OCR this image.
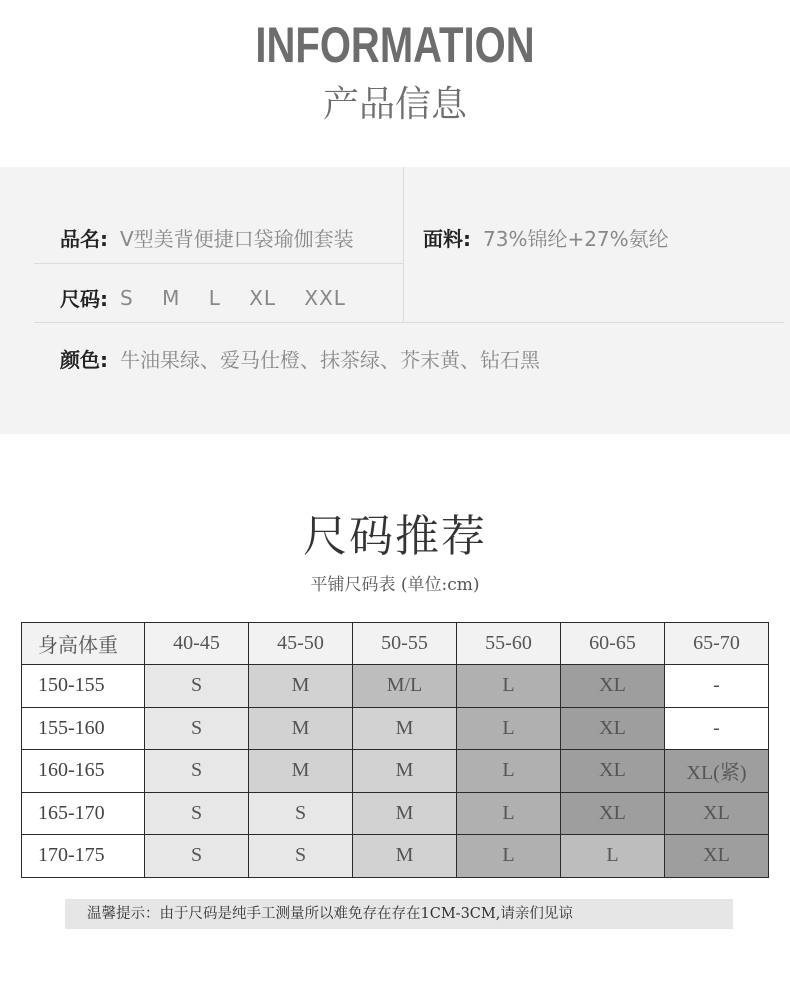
INFORMATION
产品信息
品名: V型美背便捷口袋瑜伽套装	面料: 73%锦纶+27%氨纶
尺码: S M L XL XXL
颜色: 牛油果绿、爱马仕橙、抹茶绿、芥末黄、钻石黑
尺码推荐
平铺尺码表 (单位:cm)
身高体重	40-45	45-50	50-55	55-60	60-65	65-70
150-155	S	M	M/L	L	XL	-
155-160	S	M	M	L	XL	-
160-165	S	M	M	L	XL	XL(紧)
165-170	S	S	M	L	XL	XL
170-175	S	S	M	L	L	XL
温馨提示：由于尺码是纯手工测量所以难免存在存在1CM-3CM,请亲们见谅
